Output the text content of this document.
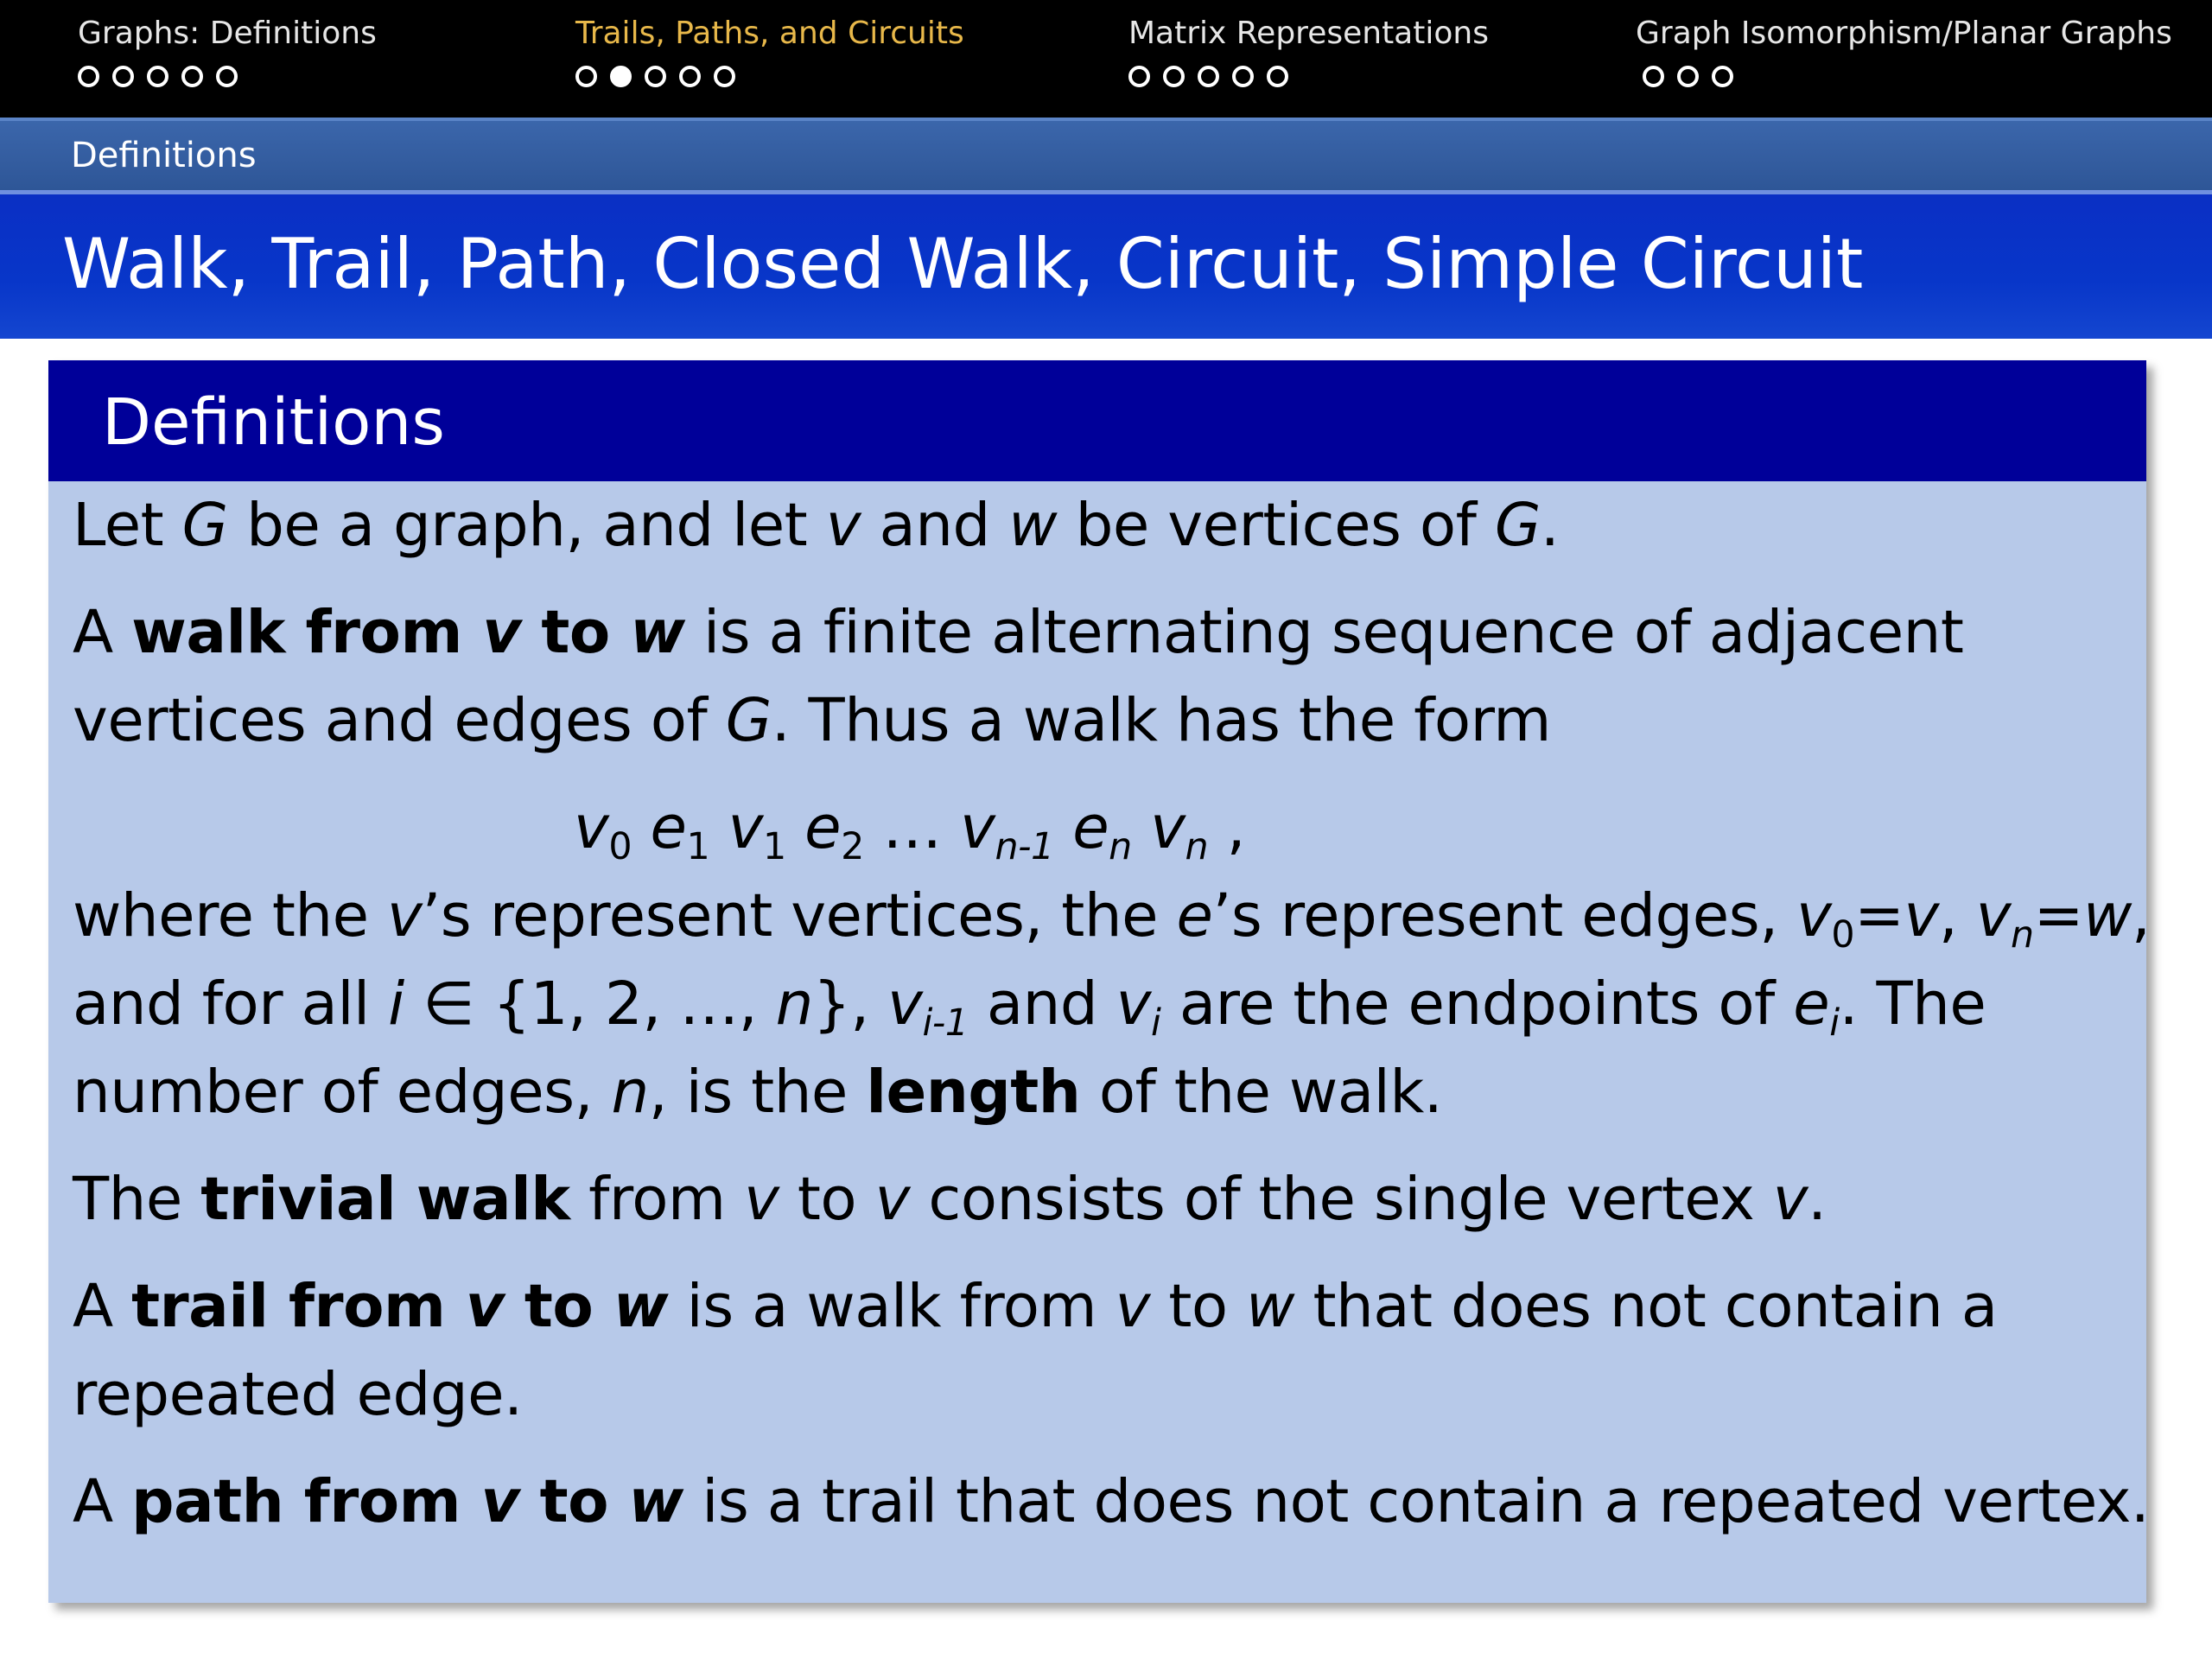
Graphs: Definitions	Trails, Paths, and Circuits	Matrix Representations	Graph Isomorphism/Planar Graphs
Definitions
Walk, Trail, Path, Closed Walk, Circuit, Simple Circuit
Definitions

Let G be a graph, and let v and w be vertices of G.

A walk from v to w is a finite alternating sequence of adjacent

vertices and edges of G. Thus a walk has the form

$v_0$ $e_1$ $v_1$ $e_2$ … $v_{n-1}$ $e_n$ $v_n$ ,

where the v’s represent vertices, the e’s represent edges, $v_0=v$, $v_n=w$,

and for all i ∈ {1, 2, …, n}, $v_{i-1}$ and $v_i$ are the endpoints of $e_i$. The

number of edges, n, is the length of the walk.

The trivial walk from v to v consists of the single vertex v.

A trail from v to w is a walk from v to w that does not contain a

repeated edge.

A path from v to w is a trail that does not contain a repeated vertex.
